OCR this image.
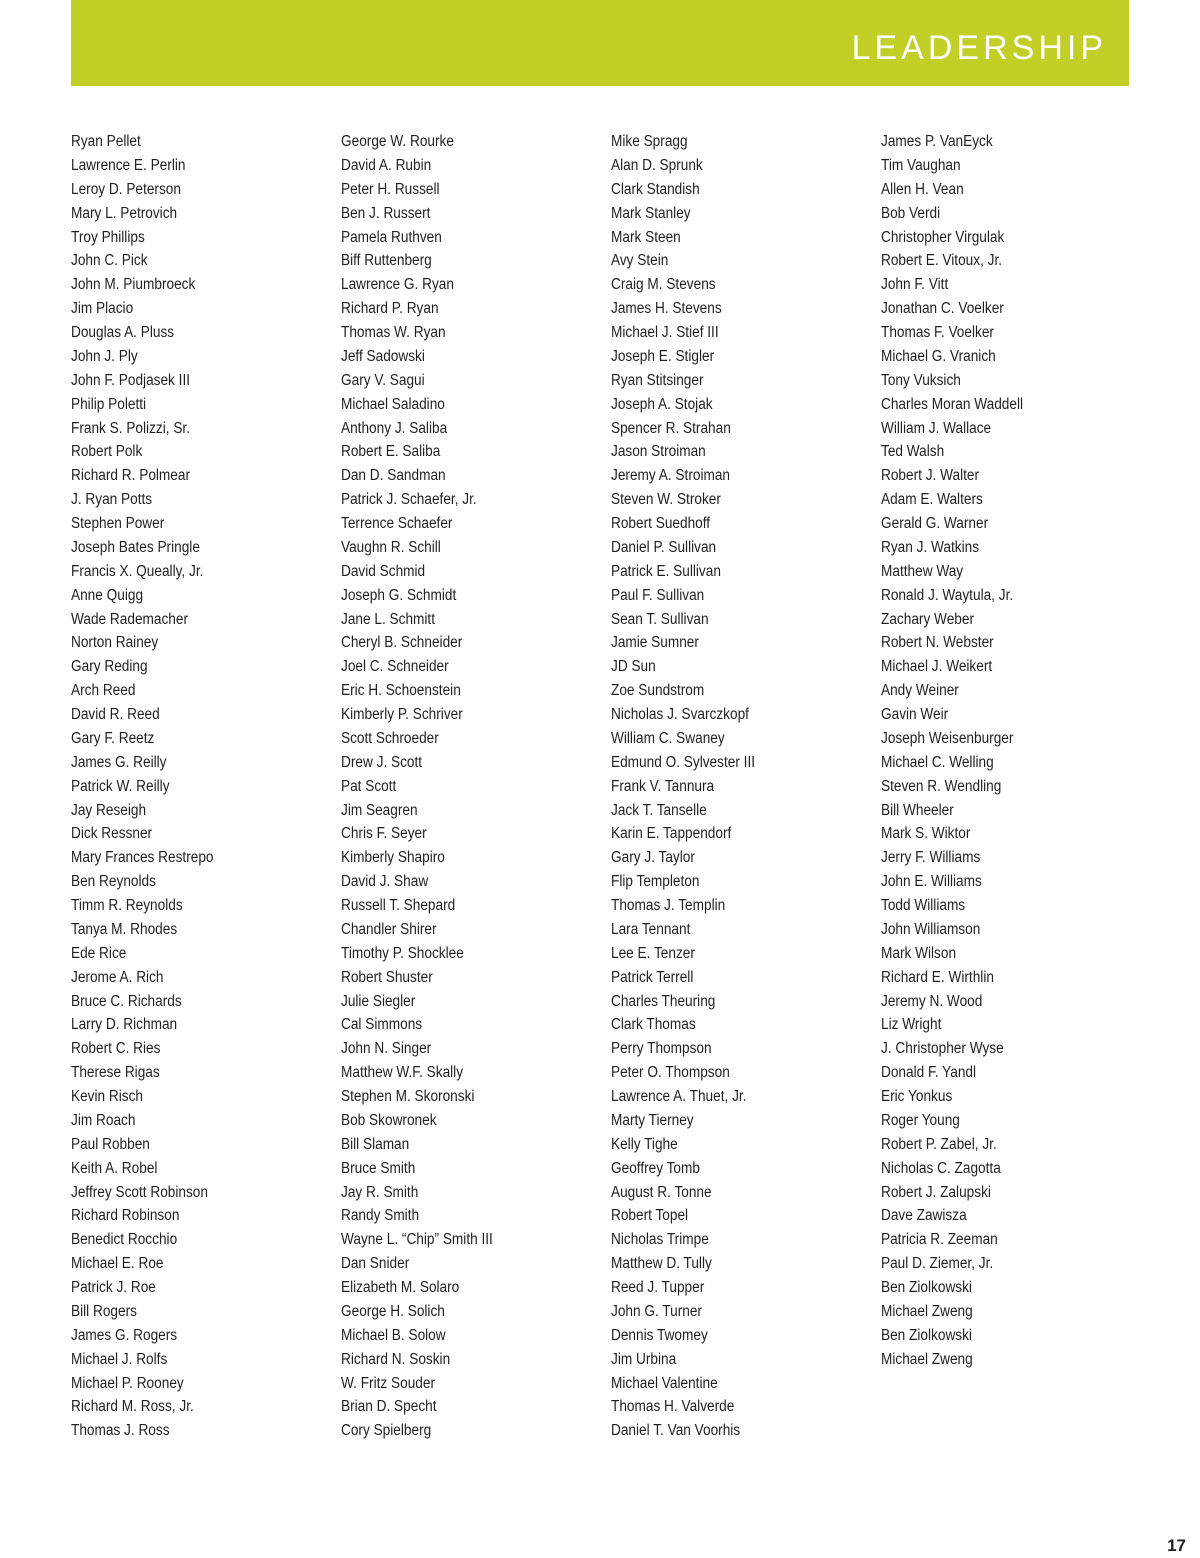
LEADERSHIP
Ryan Pellet
Lawrence E. Perlin
Leroy D. Peterson
Mary L. Petrovich
Troy Phillips
John C. Pick
John M. Piumbroeck
Jim Placio
Douglas A. Pluss
John J. Ply
John F. Podjasek III
Philip Poletti
Frank S. Polizzi, Sr.
Robert Polk
Richard R. Polmear
J. Ryan Potts
Stephen Power
Joseph Bates Pringle
Francis X. Queally, Jr.
Anne Quigg
Wade Rademacher
Norton Rainey
Gary Reding
Arch Reed
David R. Reed
Gary F. Reetz
James G. Reilly
Patrick W. Reilly
Jay Reseigh
Dick Ressner
Mary Frances Restrepo
Ben Reynolds
Timm R. Reynolds
Tanya M. Rhodes
Ede Rice
Jerome A. Rich
Bruce C. Richards
Larry D. Richman
Robert C. Ries
Therese Rigas
Kevin Risch
Jim Roach
Paul Robben
Keith A. Robel
Jeffrey Scott Robinson
Richard Robinson
Benedict Rocchio
Michael E. Roe
Patrick J. Roe
Bill Rogers
James G. Rogers
Michael J. Rolfs
Michael P. Rooney
Richard M. Ross, Jr.
Thomas J. Ross
George W. Rourke
David A. Rubin
Peter H. Russell
Ben J. Russert
Pamela Ruthven
Biff Ruttenberg
Lawrence G. Ryan
Richard P. Ryan
Thomas W. Ryan
Jeff Sadowski
Gary V. Sagui
Michael Saladino
Anthony J. Saliba
Robert E. Saliba
Dan D. Sandman
Patrick J. Schaefer, Jr.
Terrence Schaefer
Vaughn R. Schill
David Schmid
Joseph G. Schmidt
Jane L. Schmitt
Cheryl B. Schneider
Joel C. Schneider
Eric H. Schoenstein
Kimberly P. Schriver
Scott Schroeder
Drew J. Scott
Pat Scott
Jim Seagren
Chris F. Seyer
Kimberly Shapiro
David J. Shaw
Russell T. Shepard
Chandler Shirer
Timothy P. Shocklee
Robert Shuster
Julie Siegler
Cal Simmons
John N. Singer
Matthew W.F. Skally
Stephen M. Skoronski
Bob Skowronek
Bill Slaman
Bruce Smith
Jay R. Smith
Randy Smith
Wayne L. “Chip” Smith III
Dan Snider
Elizabeth M. Solaro
George H. Solich
Michael B. Solow
Richard N. Soskin
W. Fritz Souder
Brian D. Specht
Cory Spielberg
Mike Spragg
Alan D. Sprunk
Clark Standish
Mark Stanley
Mark Steen
Avy Stein
Craig M. Stevens
James H. Stevens
Michael J. Stief III
Joseph E. Stigler
Ryan Stitsinger
Joseph A. Stojak
Spencer R. Strahan
Jason Stroiman
Jeremy A. Stroiman
Steven W. Stroker
Robert Suedhoff
Daniel P. Sullivan
Patrick E. Sullivan
Paul F. Sullivan
Sean T. Sullivan
Jamie Sumner
JD Sun
Zoe Sundstrom
Nicholas J. Svarczkopf
William C. Swaney
Edmund O. Sylvester III
Frank V. Tannura
Jack T. Tanselle
Karin E. Tappendorf
Gary J. Taylor
Flip Templeton
Thomas J. Templin
Lara Tennant
Lee E. Tenzer
Patrick Terrell
Charles Theuring
Clark Thomas
Perry Thompson
Peter O. Thompson
Lawrence A. Thuet, Jr.
Marty Tierney
Kelly Tighe
Geoffrey Tomb
August R. Tonne
Robert Topel
Nicholas Trimpe
Matthew D. Tully
Reed J. Tupper
John G. Turner
Dennis Twomey
Jim Urbina
Michael Valentine
Thomas H. Valverde
Daniel T. Van Voorhis
James P. VanEyck
Tim Vaughan
Allen H. Vean
Bob Verdi
Christopher Virgulak
Robert E. Vitoux, Jr.
John F. Vitt
Jonathan C. Voelker
Thomas F. Voelker
Michael G. Vranich
Tony Vuksich
Charles Moran Waddell
William J. Wallace
Ted Walsh
Robert J. Walter
Adam E. Walters
Gerald G. Warner
Ryan J. Watkins
Matthew Way
Ronald J. Waytula, Jr.
Zachary Weber
Robert N. Webster
Michael J. Weikert
Andy Weiner
Gavin Weir
Joseph Weisenburger
Michael C. Welling
Steven R. Wendling
Bill Wheeler
Mark S. Wiktor
Jerry F. Williams
John E. Williams
Todd Williams
John Williamson
Mark Wilson
Richard E. Wirthlin
Jeremy N. Wood
Liz Wright
J. Christopher Wyse
Donald F. Yandl
Eric Yonkus
Roger Young
Robert P. Zabel, Jr.
Nicholas C. Zagotta
Robert J. Zalupski
Dave Zawisza
Patricia R. Zeeman
Paul D. Ziemer, Jr.
Ben Ziolkowski
Michael Zweng
Ben Ziolkowski
Michael Zweng
17
